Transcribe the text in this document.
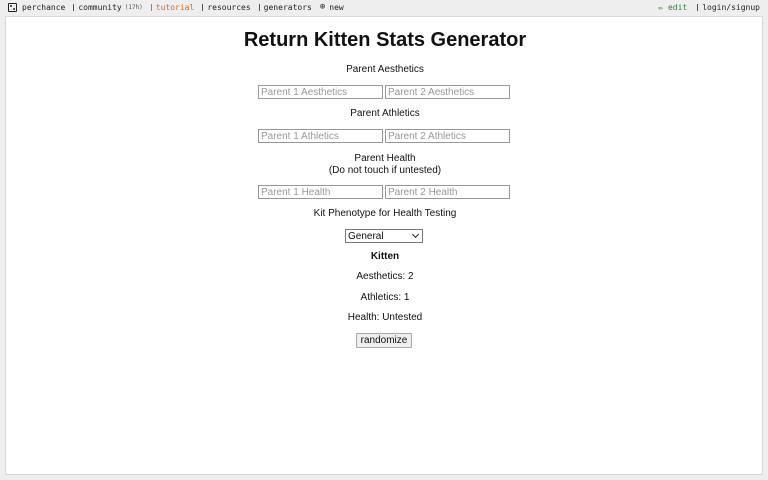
perchance community (17h) tutorial resources generators ⊕ new	✏ edit login/signup
Return Kitten Stats Generator
Parent Aesthetics
Parent 1 Aesthetics
Parent 2 Aesthetics
Parent Athletics
Parent 1 Athletics
Parent 2 Athletics
Parent Health
(Do not touch if untested)
Parent 1 Health
Parent 2 Health
Kit Phenotype for Health Testing
General
Kitten
Aesthetics: 2
Athletics: 1
Health: Untested
randomize
